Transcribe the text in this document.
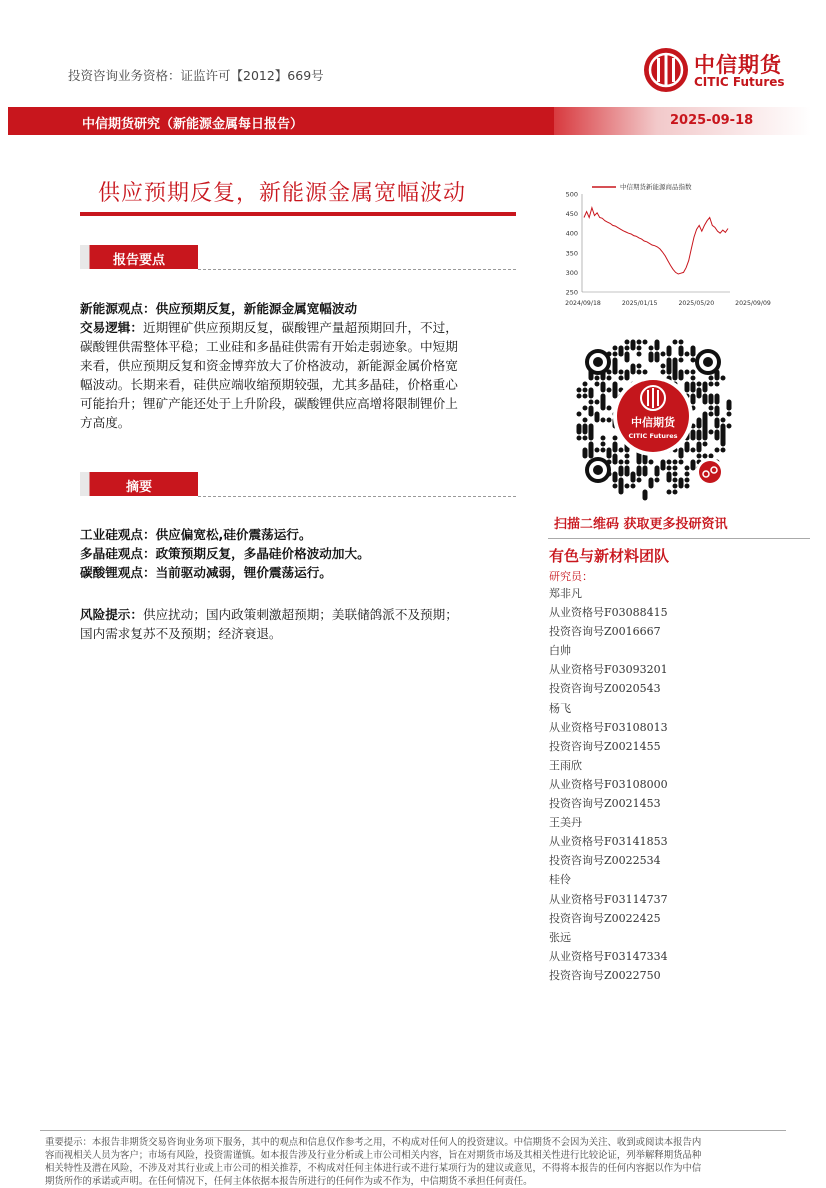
投资咨询业务资格：证监许可【2012】669号	中信期货
CITIC Futures
中信期货研究（新能源金属每日报告）	2025-09-18
供应预期反复，新能源金属宽幅波动
报告要点
新能源观点：供应预期反复，新能源金属宽幅波动
交易逻辑：近期锂矿供应预期反复，碳酸锂产量超预期回升，不过，
碳酸锂供需整体平稳；工业硅和多晶硅供需有开始走弱迹象。中短期
来看，供应预期反复和资金博弈放大了价格波动，新能源金属价格宽
幅波动。长期来看，硅供应端收缩预期较强，尤其多晶硅，价格重心
可能抬升；锂矿产能还处于上升阶段，碳酸锂供应高增将限制锂价上
方高度。
摘要
工业硅观点：供应偏宽松,硅价震荡运行。
多晶硅观点：政策预期反复，多晶硅价格波动加大。
碳酸锂观点：当前驱动减弱，锂价震荡运行。
风险提示：供应扰动；国内政策刺激超预期；美联储鸽派不及预期；
国内需求复苏不及预期；经济衰退。
中信期货新能源商品指数
250
300
350
400
450
500
2024/09/18	2025/01/15	2025/05/20	2025/09/09
中信期货
CITIC Futures
扫描二维码 获取更多投研资讯
有色与新材料团队
研究员：
郑非凡
从业资格号F03088415
投资咨询号Z0016667
白帅
从业资格号F03093201
投资咨询号Z0020543
杨飞
从业资格号F03108013
投资咨询号Z0021455
王雨欣
从业资格号F03108000
投资咨询号Z0021453
王美丹
从业资格号F03141853
投资咨询号Z0022534
桂伶
从业资格号F03114737
投资咨询号Z0022425
张远
从业资格号F03147334
投资咨询号Z0022750
重要提示：本报告非期货交易咨询业务项下服务，其中的观点和信息仅作参考之用，不构成对任何人的投资建议。中信期货不会因为关注、收到或阅读本报告内
容而视相关人员为客户；市场有风险，投资需谨慎。如本报告涉及行业分析或上市公司相关内容，旨在对期货市场及其相关性进行比较论证，列举解释期货品种
相关特性及潜在风险，不涉及对其行业或上市公司的相关推荐，不构成对任何主体进行或不进行某项行为的建议或意见，不得将本报告的任何内容据以作为中信
期货所作的承诺或声明。在任何情况下，任何主体依据本报告所进行的任何作为或不作为，中信期货不承担任何责任。
